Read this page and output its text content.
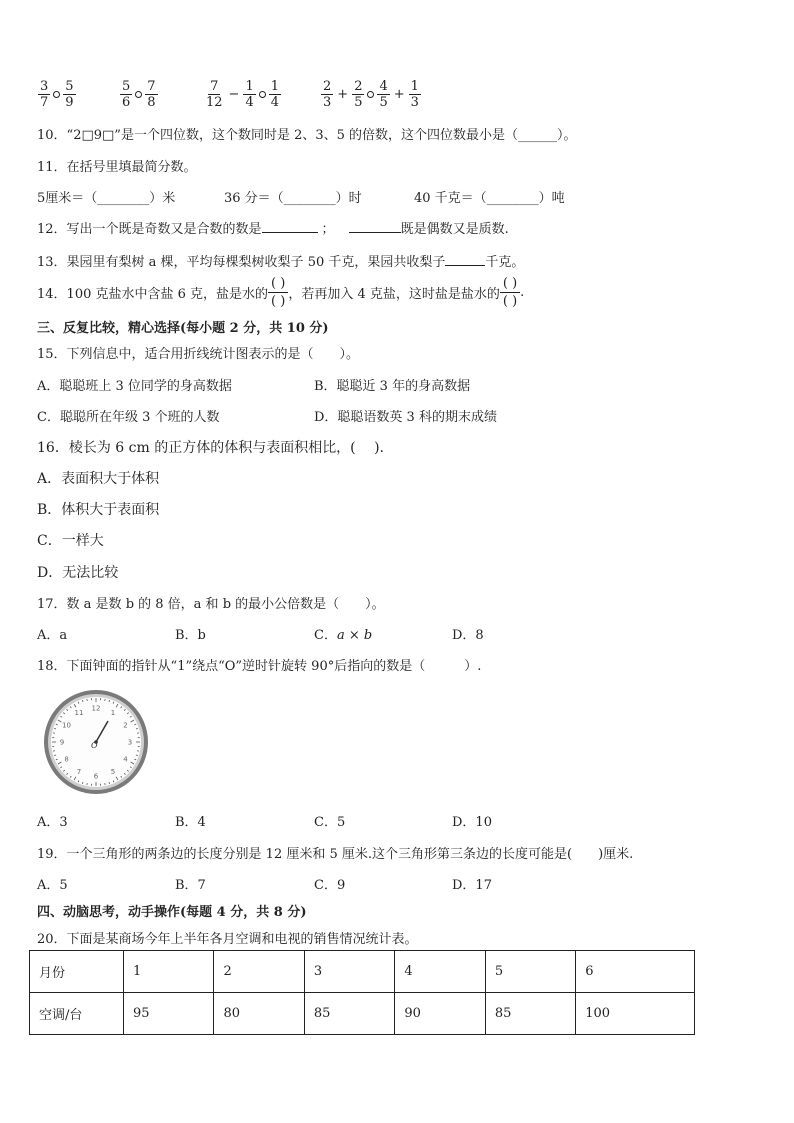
$\frac{3}{7} \frac{5}{9}$	$\frac{5}{6} \frac{7}{8}$	$\frac{7}{12} - \frac{1}{4} \frac{1}{4}$	$\frac{2}{3} + \frac{2}{5} \frac{4}{5} + \frac{1}{3}$
10．“2□9□”是一个四位数，这个数同时是 2、3、5 的倍数，这个四位数最小是（______）。
11．在括号里填最简分数。
5厘米＝（________）米	36 分＝（________）时	40 千克＝（________）吨
12．写出一个既是奇数又是合数的数是	；	既是偶数又是质数.
13．果园里有梨树 a 棵，平均每棵梨树收梨子 50 千克，果园共收梨子	千克。
14．100 克盐水中含盐 6 克，盐是水的
( )
( ) ，若再加入 4 克盐，这时盐是盐水的
( )
( )
.
三、反复比较，精心选择(每小题 2 分，共 10 分)
15．下列信息中，适合用折线统计图表示的是（　　）。
A．聪聪班上 3 位同学的身高数据	B．聪聪近 3 年的身高数据
C．聪聪所在年级 3 个班的人数	D．聪聪语数英 3 科的期末成绩
16．棱长为 6 cm 的正方体的体积与表面积相比，(　 ).
A．表面积大于体积
B．体积大于表面积
C．一样大
D．无法比较
17．数 a 是数 b 的 8 倍，a 和 b 的最小公倍数是（　　）。
A．a	B．b	C．a × b	D．8
18．下面钟面的指针从“1”绕点“O”逆时针旋转 90°后指向的数是（　　　）.
12
1
2
3
4
5
6
7
8
9
10
11
O
A．3	B．4	C．5	D．10
19．一个三角形的两条边的长度分别是 12 厘米和 5 厘米.这个三角形第三条边的长度可能是(　　)厘米.
A．5	B．7	C．9	D．17
四、动脑思考，动手操作(每题 4 分，共 8 分)
20．下面是某商场今年上半年各月空调和电视的销售情况统计表。
月份	1	2	3	4	5	6
空调/台	95	80	85	90	85	100
